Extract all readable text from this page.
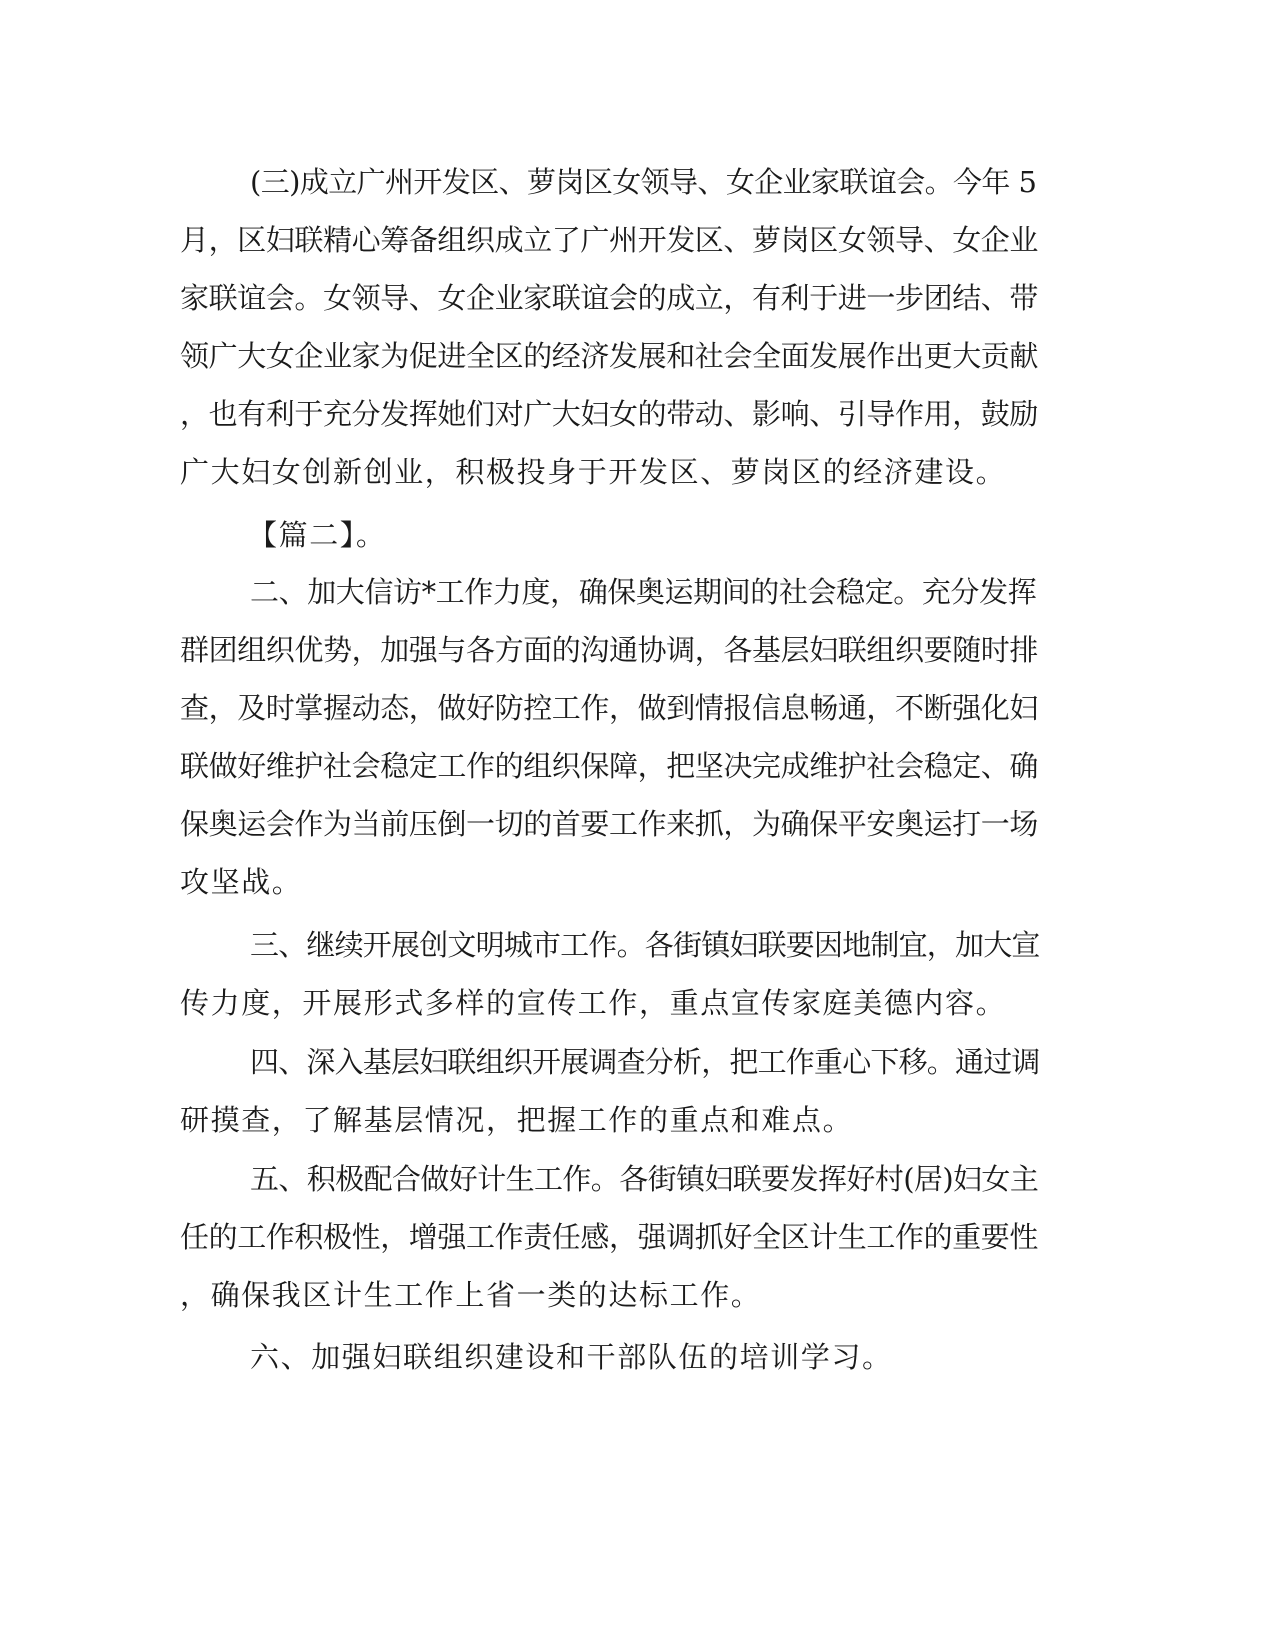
(三)成立广州开发区、萝岗区女领导、女企业家联谊会。今年 5
月，区妇联精心筹备组织成立了广州开发区、萝岗区女领导、女企业
家联谊会。女领导、女企业家联谊会的成立，有利于进一步团结、带
领广大女企业家为促进全区的经济发展和社会全面发展作出更大贡献
，也有利于充分发挥她们对广大妇女的带动、影响、引导作用，鼓励
广大妇女创新创业，积极投身于开发区、萝岗区的经济建设。
【篇二】。
二、加大信访*工作力度，确保奥运期间的社会稳定。充分发挥
群团组织优势，加强与各方面的沟通协调，各基层妇联组织要随时排
查，及时掌握动态，做好防控工作，做到情报信息畅通，不断强化妇
联做好维护社会稳定工作的组织保障，把坚决完成维护社会稳定、确
保奥运会作为当前压倒一切的首要工作来抓，为确保平安奥运打一场
攻坚战。
三、继续开展创文明城市工作。各街镇妇联要因地制宜，加大宣
传力度，开展形式多样的宣传工作，重点宣传家庭美德内容。
四、深入基层妇联组织开展调查分析，把工作重心下移。通过调
研摸查，了解基层情况，把握工作的重点和难点。
五、积极配合做好计生工作。各街镇妇联要发挥好村(居)妇女主
任的工作积极性，增强工作责任感，强调抓好全区计生工作的重要性
，确保我区计生工作上省一类的达标工作。
六、加强妇联组织建设和干部队伍的培训学习。
